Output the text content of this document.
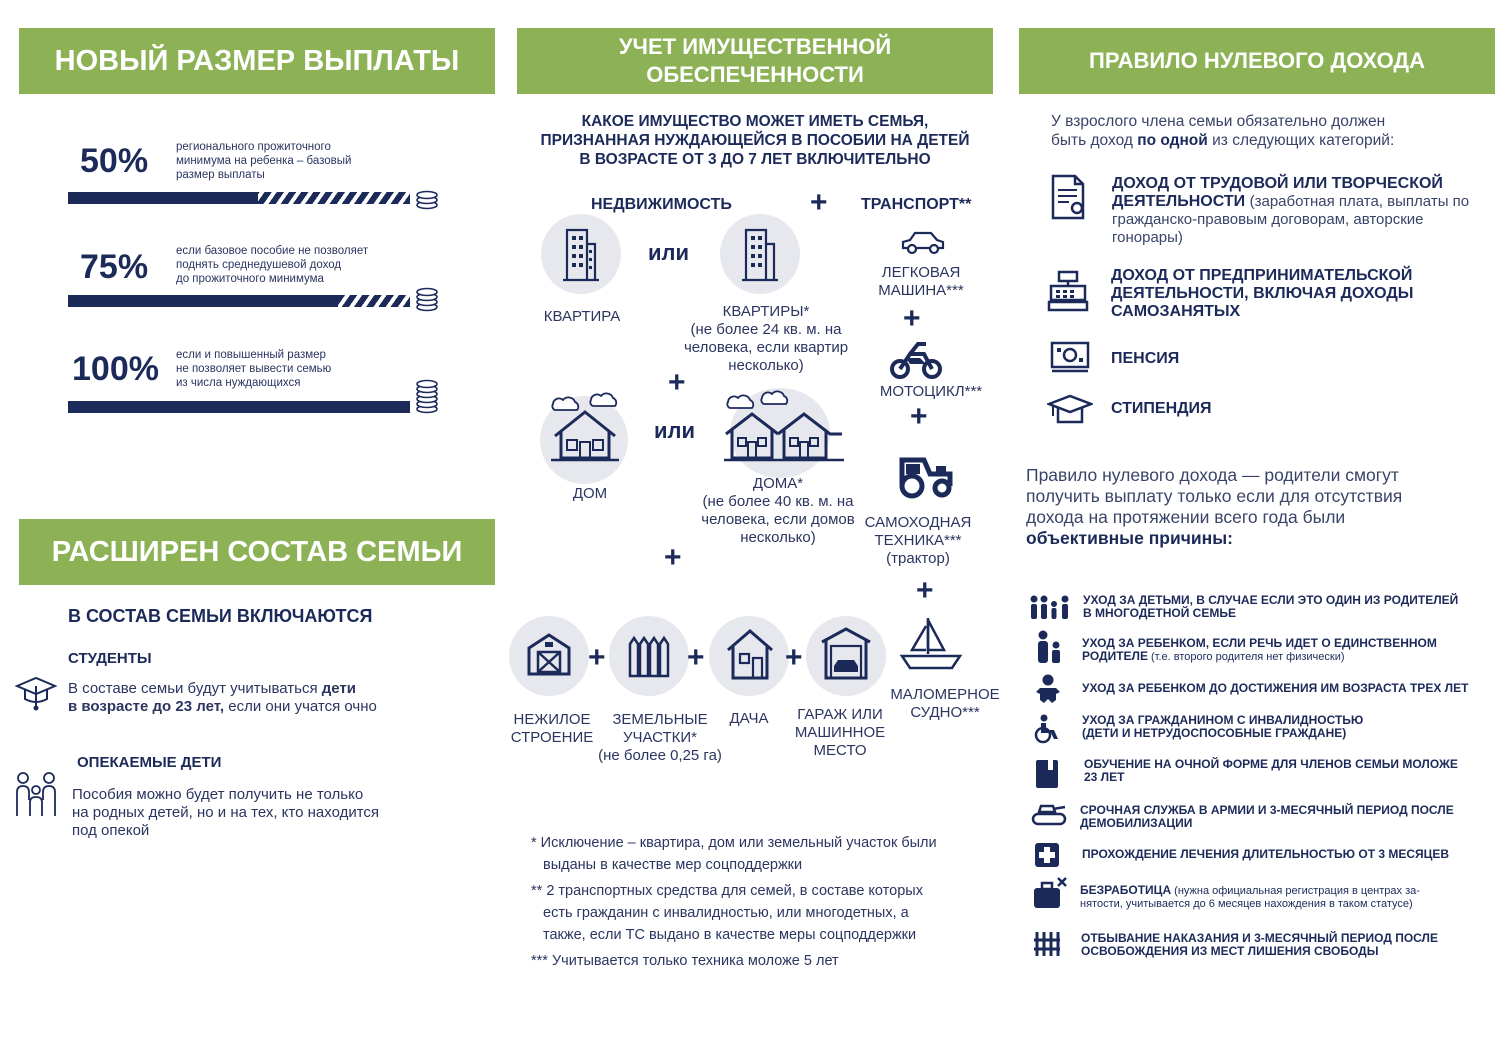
НОВЫЙ РАЗМЕР ВЫПЛАТЫ
50% регионального прожиточного
минимума на ребенка – базовый
размер выплаты
75% если базовое пособие не позволяет
поднять среднедушевой доход
до прожиточного минимума
100% если и повышенный размер
не позволяет вывести семью
из числа нуждающихся
РАСШИРЕН СОСТАВ СЕМЬИ
В СОСТАВ СЕМЬИ ВКЛЮЧАЮТСЯ
СТУДЕНТЫ
В составе семьи будут учитываться дети
в возрасте до 23 лет, если они учатся очно
ОПЕКАЕМЫЕ ДЕТИ
Пособия можно будет получить не только
на родных детей, но и на тех, кто находится
под опекой
УЧЕТ ИМУЩЕСТВЕННОЙ
ОБЕСПЕЧЕННОСТИ
КАКОЕ ИМУЩЕСТВО МОЖЕТ ИМЕТЬ СЕМЬЯ,
ПРИЗНАННАЯ НУЖДАЮЩЕЙСЯ В ПОСОБИИ НА ДЕТЕЙ
В ВОЗРАСТЕ ОТ 3 ДО 7 ЛЕТ ВКЛЮЧИТЕЛЬНО
НЕДВИЖИМОСТЬ	+ ТРАНСПОРТ**
КВАРТИРА
или
КВАРТИРЫ*
(не более 24 кв. м. на
человека, если квартир
несколько)
ЛЕГКОВАЯ
МАШИНА***
+
МОТОЦИКЛ***
+
САМОХОДНАЯ
ТЕХНИКА***
(трактор)
+
МАЛОМЕРНОЕ
СУДНО***
+
ДОМ
или
ДОМА*
(не более 40 кв. м. на
человека, если домов
несколько)
+
НЕЖИЛОЕ
СТРОЕНИЕ
+
ЗЕМЕЛЬНЫЕ
УЧАСТКИ*
(не более 0,25 га)
+
ДАЧА
+
ГАРАЖ ИЛИ
МАШИННОЕ
МЕСТО
* Исключение – квартира, дом или земельный участок были
выданы в качестве мер соцподдержки
** 2 транспортных средства для семей, в составе которых
есть гражданин с инвалидностью, или многодетных, а
также, если ТС выдано в качестве меры соцподдержки
*** Учитывается только техника моложе 5 лет
ПРАВИЛО НУЛЕВОГО ДОХОДА
У взрослого члена семьи обязательно должен
быть доход по одной из следующих категорий:
ДОХОД ОТ ТРУДОВОЙ ИЛИ ТВОРЧЕСКОЙ ДЕЯТЕЛЬНОСТИ (заработная плата, выплаты по гражданско-правовым договорам, авторские гонорары)
ДОХОД ОТ ПРЕДПРИНИМАТЕЛЬСКОЙ ДЕЯТЕЛЬНОСТИ, ВКЛЮЧАЯ ДОХОДЫ САМОЗАНЯТЫХ
ПЕНСИЯ
СТИПЕНДИЯ
Правило нулевого дохода — родители смогут
получить выплату только если для отсутствия
дохода на протяжении всего года были
объективные причины:
УХОД ЗА ДЕТЬМИ, В СЛУЧАЕ ЕСЛИ ЭТО ОДИН ИЗ РОДИТЕЛЕЙ
В МНОГОДЕТНОЙ СЕМЬЕ
УХОД ЗА РЕБЕНКОМ, ЕСЛИ РЕЧЬ ИДЕТ О ЕДИНСТВЕННОМ
РОДИТЕЛЕ (т.е. второго родителя нет физически)
УХОД ЗА РЕБЕНКОМ ДО ДОСТИЖЕНИЯ ИМ ВОЗРАСТА ТРЕХ ЛЕТ
УХОД ЗА ГРАЖДАНИНОМ С ИНВАЛИДНОСТЬЮ
(ДЕТИ И НЕТРУДОСПОСОБНЫЕ ГРАЖДАНЕ)
ОБУЧЕНИЕ НА ОЧНОЙ ФОРМЕ ДЛЯ ЧЛЕНОВ СЕМЬИ МОЛОЖЕ
23 ЛЕТ
СРОЧНАЯ СЛУЖБА В АРМИИ И 3-МЕСЯЧНЫЙ ПЕРИОД ПОСЛЕ
ДЕМОБИЛИЗАЦИИ
ПРОХОЖДЕНИЕ ЛЕЧЕНИЯ ДЛИТЕЛЬНОСТЬЮ ОТ 3 МЕСЯЦЕВ
БЕЗРАБОТИЦА (нужна официальная регистрация в центрах за-
нятости, учитывается до 6 месяцев нахождения в таком статусе)
ОТБЫВАНИЕ НАКАЗАНИЯ И 3-МЕСЯЧНЫЙ ПЕРИОД ПОСЛЕ
ОСВОБОЖДЕНИЯ ИЗ МЕСТ ЛИШЕНИЯ СВОБОДЫ
